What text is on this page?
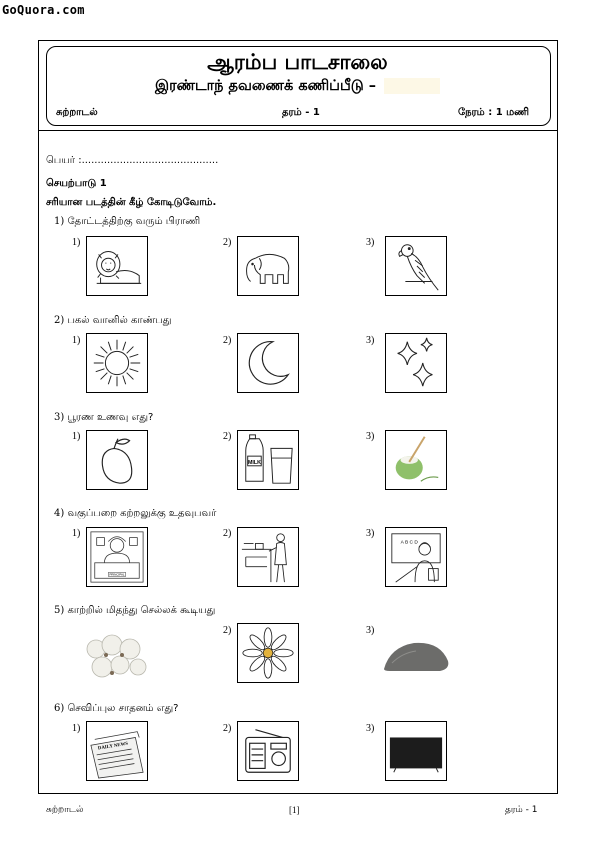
GoQuora.com
ஆரம்ப பாடசாலை
இரண்டாந் தவணைக் கணிப்பீடு –
சுற்றாடல்	தரம் - 1	நேரம் : 1 மணி
பெயர் :...........................................
செயற்பாடு 1
சரியான படத்தின் கீழ் கோடிடுவோம்.
1) தோட்டத்திற்கு வரும் பிராணி
1)	2)	3)
2) பகல் வானில் காண்பது
1)	2)	3)
3) பூரண உணவு எது?
1)	2)	3)
MILK
4) வகுப்பறை கற்றலுக்கு உதவுபவர்
1)	2)	3)
PRINCIPAL
A B C D
5) காற்றில் மிதந்து செல்லக் கூடியது
2)	3)
6) செவிப்புல சாதனம் எது?
1)	2)	3)
DAILY NEWS
சுற்றாடல்	[1]	தரம் - 1
